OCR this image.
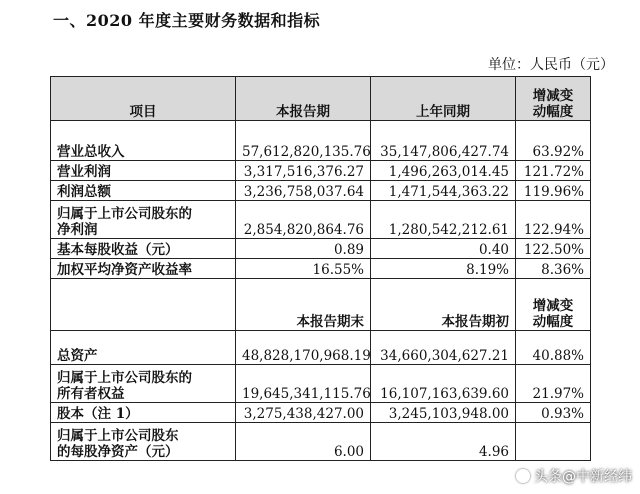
一、2020 年度主要财务数据和指标
单位：人民币（元）
项目	本报告期	上年同期	增减变
动幅度

营业总收入	57,612,820,135.76	35,147,806,427.74	63.92%

营业利润	3,317,516,376.27	1,496,263,014.45	121.72%

利润总额	3,236,758,037.64	1,471,544,363.22	119.96%

归属于上市公司股东的
净利润	2,854,820,864.76	1,280,542,212.61	122.94%

基本每股收益（元）	0.89	0.40	122.50%

加权平均净资产收益率	16.55%	8.19%	8.36%
	本报告期末	本报告期初	增减变
动幅度

总资产	48,828,170,968.19	34,660,304,627.21	40.88%

归属于上市公司股东的
所有者权益	19,645,341,115.76	16,107,163,639.60	21.97%

股本（注 1）	3,275,438,427.00	3,245,103,948.00	0.93%

归属于上市公司股东
的每股净资产（元）	6.00	4.96	
头条@中新经纬
